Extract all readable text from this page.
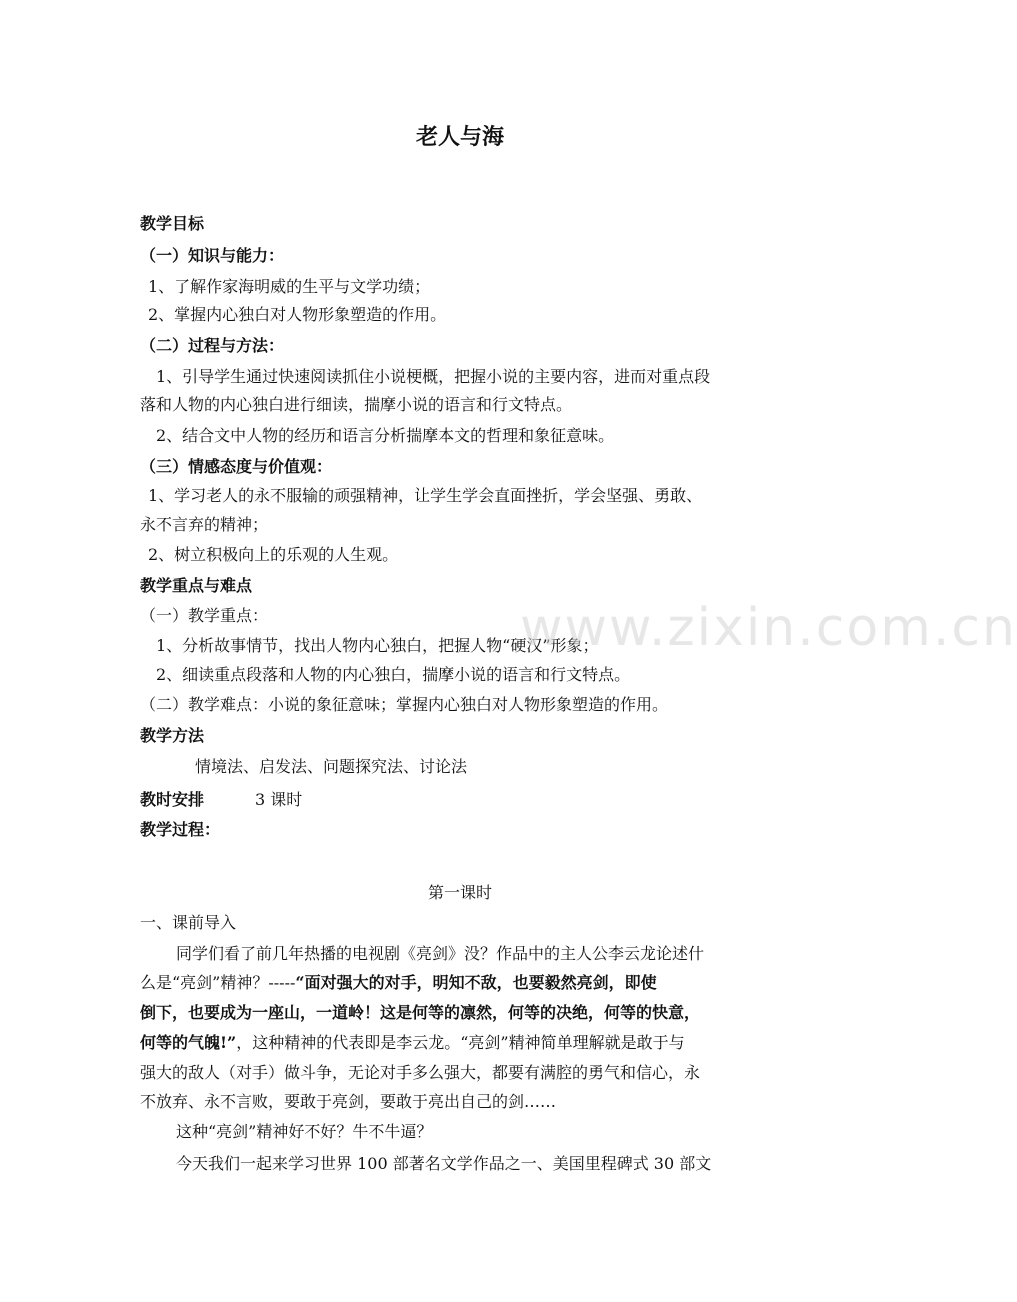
老人与海
教学目标
（一）知识与能力：
1、了解作家海明威的生平与文学功绩；
2、掌握内心独白对人物形象塑造的作用。
（二）过程与方法：
1、引导学生通过快速阅读抓住小说梗概，把握小说的主要内容，进而对重点段
落和人物的内心独白进行细读，揣摩小说的语言和行文特点。
2、结合文中人物的经历和语言分析揣摩本文的哲理和象征意味。
（三）情感态度与价值观：
1、学习老人的永不服输的顽强精神，让学生学会直面挫折，学会坚强、勇敢、
永不言弃的精神；
2、树立积极向上的乐观的人生观。
教学重点与难点
（一）教学重点：
1、分析故事情节，找出人物内心独白，把握人物“硬汉”形象；
2、细读重点段落和人物的内心独白，揣摩小说的语言和行文特点。
（二）教学难点：小说的象征意味；掌握内心独白对人物形象塑造的作用。
教学方法
情境法、启发法、问题探究法、讨论法
教时安排	3 课时
教学过程：
第一课时
一、课前导入
同学们看了前几年热播的电视剧《亮剑》没？作品中的主人公李云龙论述什
么是“亮剑”精神？-----“面对强大的对手，明知不敌，也要毅然亮剑，即使
倒下，也要成为一座山，一道岭！这是何等的凛然，何等的决绝，何等的快意，
何等的气魄!”，这种精神的代表即是李云龙。“亮剑”精神简单理解就是敢于与
强大的敌人（对手）做斗争，无论对手多么强大，都要有满腔的勇气和信心，永
不放弃、永不言败，要敢于亮剑，要敢于亮出自己的剑……
这种“亮剑”精神好不好？牛不牛逼？
今天我们一起来学习世界 100 部著名文学作品之一、美国里程碑式 30 部文
www.zixin.com.cn
